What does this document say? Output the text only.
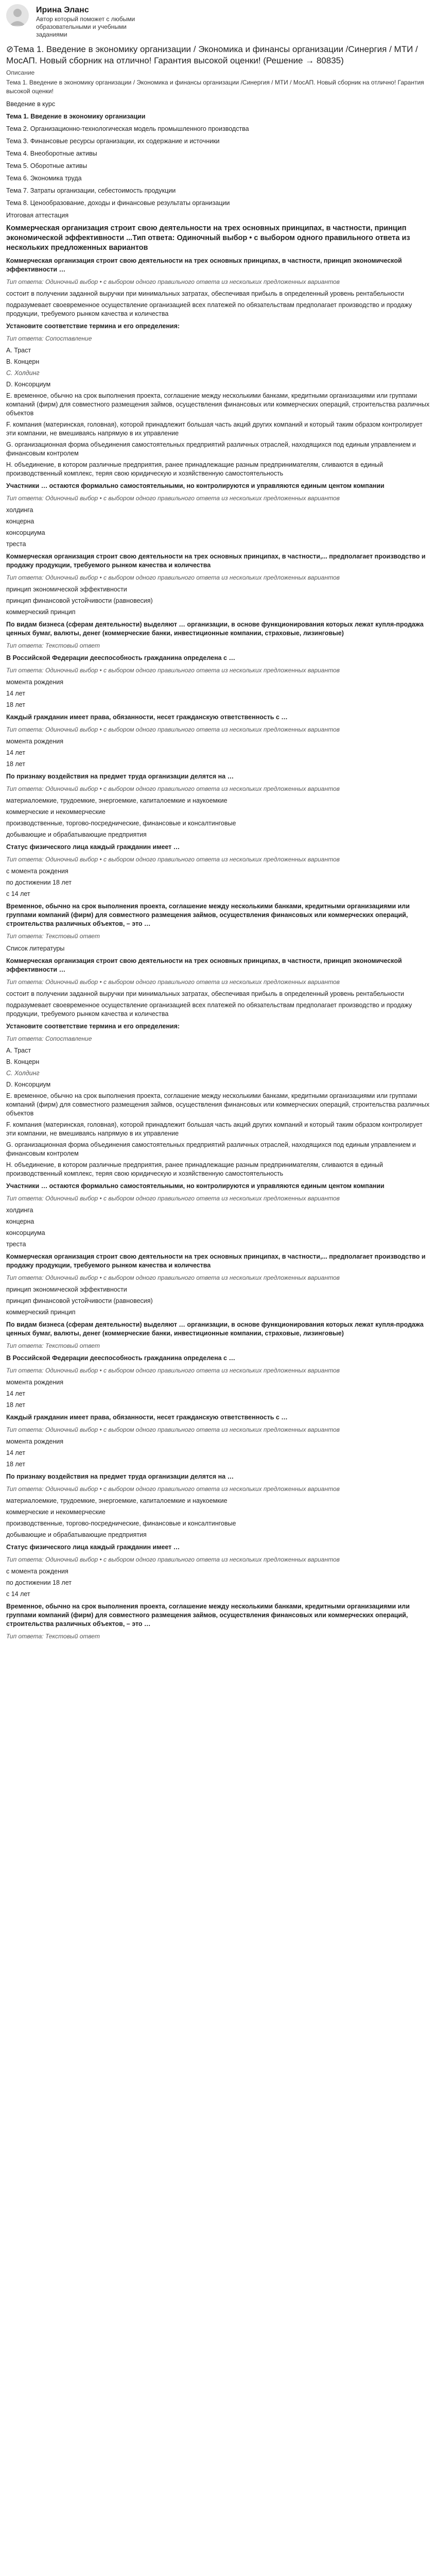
Ирина Эланс
Автор который поможет с любыми образовательными и учебными заданиями
⊘Тема 1. Введение в экономику организации / Экономика и финансы организации /Синергия / МТИ / МосАП. Новый сборник на отлично! Гарантия высокой оценки! (Решение → 80835)
Описание
Тема 1. Введение в экономику организации / Экономика и финансы организации /Синергия / МТИ / МосАП. Новый сборник на отлично! Гарантия высокой оценки!
Введение в курс
Тема 1. Введение в экономику организации
Тема 2. Организационно-технологическая модель промышленного производства
Тема 3. Финансовые ресурсы организации, их содержание и источники
Тема 4. Внеоборотные активы
Тема 5. Оборотные активы
Тема 6. Экономика труда
Тема 7. Затраты организации, себестоимость продукции
Тема 8. Ценообразование, доходы и финансовые результаты организации
Итоговая аттестация
Коммерческая организация строит свою деятельности на трех основных принципах, в частности, принцип экономической эффективности ...Тип ответа: Одиночный выбор • с выбором одного правильного ответа из нескольких предложенных вариантов
Коммерческая организация строит свою деятельности на трех основных принципах, в частности, принцип экономической эффективности …
Тип ответа: Одиночный выбор • с выбором одного правильного ответа из нескольких предложенных вариантов
состоит в получении заданной выручки при минимальных затратах, обеспечивая прибыль в определенный уровень рентабельности
подразумевает своевременное осуществление организацией всех платежей по обязательствам предполагает производство и продажу продукции, требуемого рынком качества и количества
Установите соответствие термина и его определения:
Тип ответа: Сопоставление
A. Траст
B. Концерн
C. Холдинг
D. Консорциум
E. временное, обычно на срок выполнения проекта, соглашение между несколькими банками, кредитными организациями или группами компаний (фирм) для совместного размещения займов, осуществления финансовых или коммерческих операций, строительства различных объектов
F. компания (материнская, головная), которой принадлежит большая часть акций других компаний и который таким образом контролирует эти компании, не вмешиваясь напрямую в их управление
G. организационная форма объединения самостоятельных предприятий различных отраслей, находящихся под единым управлением и финансовым контролем
H. объединение, в котором различные предприятия, ранее принадлежащие разным предпринимателям, сливаются в единый производственный комплекс, теряя свою юридическую и хозяйственную самостоятельность
Участники … остаются формально самостоятельными, но контролируются и управляются единым центом компании
Тип ответа: Одиночный выбор • с выбором одного правильного ответа из нескольких предложенных вариантов
холдинга
концерна
консорциума
треста
Коммерческая организация строит свою деятельности на трех основных принципах, в частности,... предполагает производство и продажу продукции, требуемого рынком качества и количества
Тип ответа: Одиночный выбор • с выбором одного правильного ответа из нескольких предложенных вариантов
принцип экономической эффективности
принцип финансовой устойчивости (равновесия)
коммерческий принцип
По видам бизнеса (сферам деятельности) выделяют … организации, в основе функционирования которых лежат купля-продажа ценных бумаг, валюты, денег (коммерческие банки, инвестиционные компании, страховые, лизинговые)
Тип ответа: Текстовый ответ
В Российской Федерации дееспособность гражданина определена с …
Тип ответа: Одиночный выбор • с выбором одного правильного ответа из нескольких предложенных вариантов
момента рождения
14 лет
18 лет
Каждый гражданин имеет права, обязанности, несет гражданскую ответственность с …
Тип ответа: Одиночный выбор • с выбором одного правильного ответа из нескольких предложенных вариантов
момента рождения
14 лет
18 лет
По признаку воздействия на предмет труда организации делятся на …
Тип ответа: Одиночный выбор • с выбором одного правильного ответа из нескольких предложенных вариантов
материалоемкие, трудоемкие, энергоемкие, капиталоемкие и наукоемкие
коммерческие и некоммерческие
производственные, торгово-посреднические, финансовые и консалтинговые
добывающие и обрабатывающие предприятия
Статус физического лица каждый гражданин имеет …
Тип ответа: Одиночный выбор • с выбором одного правильного ответа из нескольких предложенных вариантов
с момента рождения
по достижении 18 лет
с 14 лет
Временное, обычно на срок выполнения проекта, соглашение между несколькими банками, кредитными организациями или группами компаний (фирм) для совместного размещения займов, осуществления финансовых или коммерческих операций, строительства различных объектов, – это …
Тип ответа: Текстовый ответ
Список литературы
Коммерческая организация строит свою деятельности на трех основных принципах, в частности, принцип экономической эффективности …
Тип ответа: Одиночный выбор • с выбором одного правильного ответа из нескольких предложенных вариантов
состоит в получении заданной выручки при минимальных затратах, обеспечивая прибыль в определенный уровень рентабельности
подразумевает своевременное осуществление организацией всех платежей по обязательствам предполагает производство и продажу продукции, требуемого рынком качества и количества
Установите соответствие термина и его определения:
Тип ответа: Сопоставление
A. Траст
B. Концерн
C. Холдинг
D. Консорциум
E. временное, обычно на срок выполнения проекта, соглашение между несколькими банками, кредитными организациями или группами компаний (фирм) для совместного размещения займов, осуществления финансовых или коммерческих операций, строительства различных объектов
F. компания (материнская, головная), которой принадлежит большая часть акций других компаний и который таким образом контролирует эти компании, не вмешиваясь напрямую в их управление
G. организационная форма объединения самостоятельных предприятий различных отраслей, находящихся под единым управлением и финансовым контролем
H. объединение, в котором различные предприятия, ранее принадлежащие разным предпринимателям, сливаются в единый производственный комплекс, теряя свою юридическую и хозяйственную самостоятельность
Участники … остаются формально самостоятельными, но контролируются и управляются единым центом компании
Тип ответа: Одиночный выбор • с выбором одного правильного ответа из нескольких предложенных вариантов
холдинга
концерна
консорциума
треста
Коммерческая организация строит свою деятельности на трех основных принципах, в частности,... предполагает производство и продажу продукции, требуемого рынком качества и количества
Тип ответа: Одиночный выбор • с выбором одного правильного ответа из нескольких предложенных вариантов
принцип экономической эффективности
принцип финансовой устойчивости (равновесия)
коммерческий принцип
По видам бизнеса (сферам деятельности) выделяют … организации, в основе функционирования которых лежат купля-продажа ценных бумаг, валюты, денег (коммерческие банки, инвестиционные компании, страховые, лизинговые)
Тип ответа: Текстовый ответ
В Российской Федерации дееспособность гражданина определена с …
Тип ответа: Одиночный выбор • с выбором одного правильного ответа из нескольких предложенных вариантов
момента рождения
14 лет
18 лет
Каждый гражданин имеет права, обязанности, несет гражданскую ответственность с …
Тип ответа: Одиночный выбор • с выбором одного правильного ответа из нескольких предложенных вариантов
момента рождения
14 лет
18 лет
По признаку воздействия на предмет труда организации делятся на …
Тип ответа: Одиночный выбор • с выбором одного правильного ответа из нескольких предложенных вариантов
материалоемкие, трудоемкие, энергоемкие, капиталоемкие и наукоемкие
коммерческие и некоммерческие
производственные, торгово-посреднические, финансовые и консалтинговые
добывающие и обрабатывающие предприятия
Статус физического лица каждый гражданин имеет …
Тип ответа: Одиночный выбор • с выбором одного правильного ответа из нескольких предложенных вариантов
с момента рождения
по достижении 18 лет
с 14 лет
Временное, обычно на срок выполнения проекта, соглашение между несколькими банками, кредитными организациями или группами компаний (фирм) для совместного размещения займов, осуществления финансовых или коммерческих операций, строительства различных объектов, – это …
Тип ответа: Текстовый ответ
